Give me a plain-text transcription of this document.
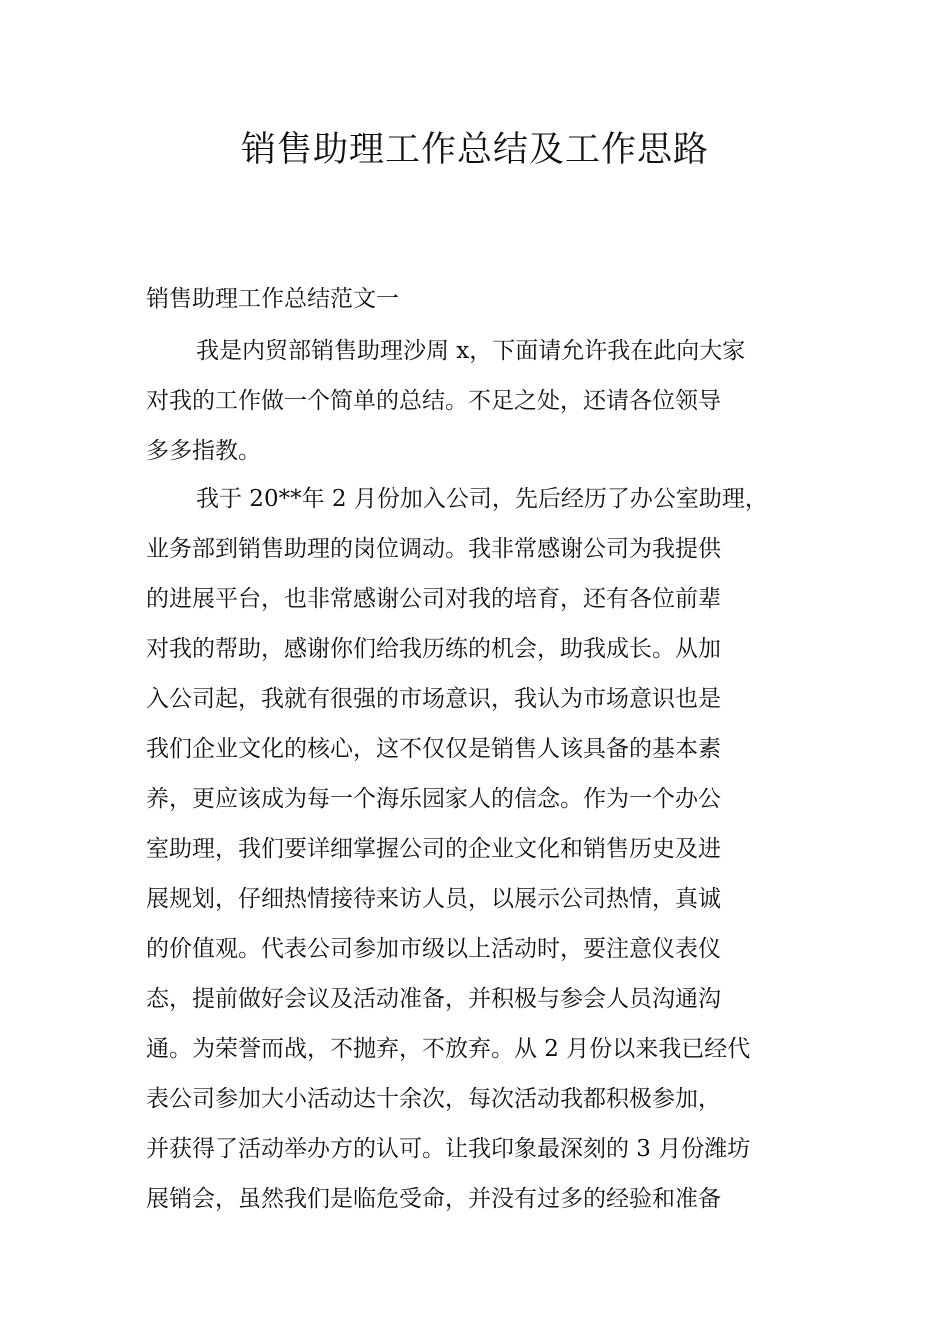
销售助理工作总结及工作思路

销售助理工作总结范文一

我是内贸部销售助理沙周 x，下面请允许我在此向大家
对我的工作做一个简单的总结。不足之处，还请各位领导
多多指教。
我于 20**年 2 月份加入公司，先后经历了办公室助理，
业务部到销售助理的岗位调动。我非常感谢公司为我提供
的进展平台，也非常感谢公司对我的培育，还有各位前辈
对我的帮助，感谢你们给我历练的机会，助我成长。从加
入公司起，我就有很强的市场意识，我认为市场意识也是
我们企业文化的核心，这不仅仅是销售人该具备的基本素
养，更应该成为每一个海乐园家人的信念。作为一个办公
室助理，我们要详细掌握公司的企业文化和销售历史及进
展规划，仔细热情接待来访人员，以展示公司热情，真诚
的价值观。代表公司参加市级以上活动时，要注意仪表仪
态，提前做好会议及活动准备，并积极与参会人员沟通沟
通。为荣誉而战，不抛弃，不放弃。从 2 月份以来我已经代
表公司参加大小活动达十余次，每次活动我都积极参加，
并获得了活动举办方的认可。让我印象最深刻的 3 月份潍坊
展销会，虽然我们是临危受命，并没有过多的经验和准备
